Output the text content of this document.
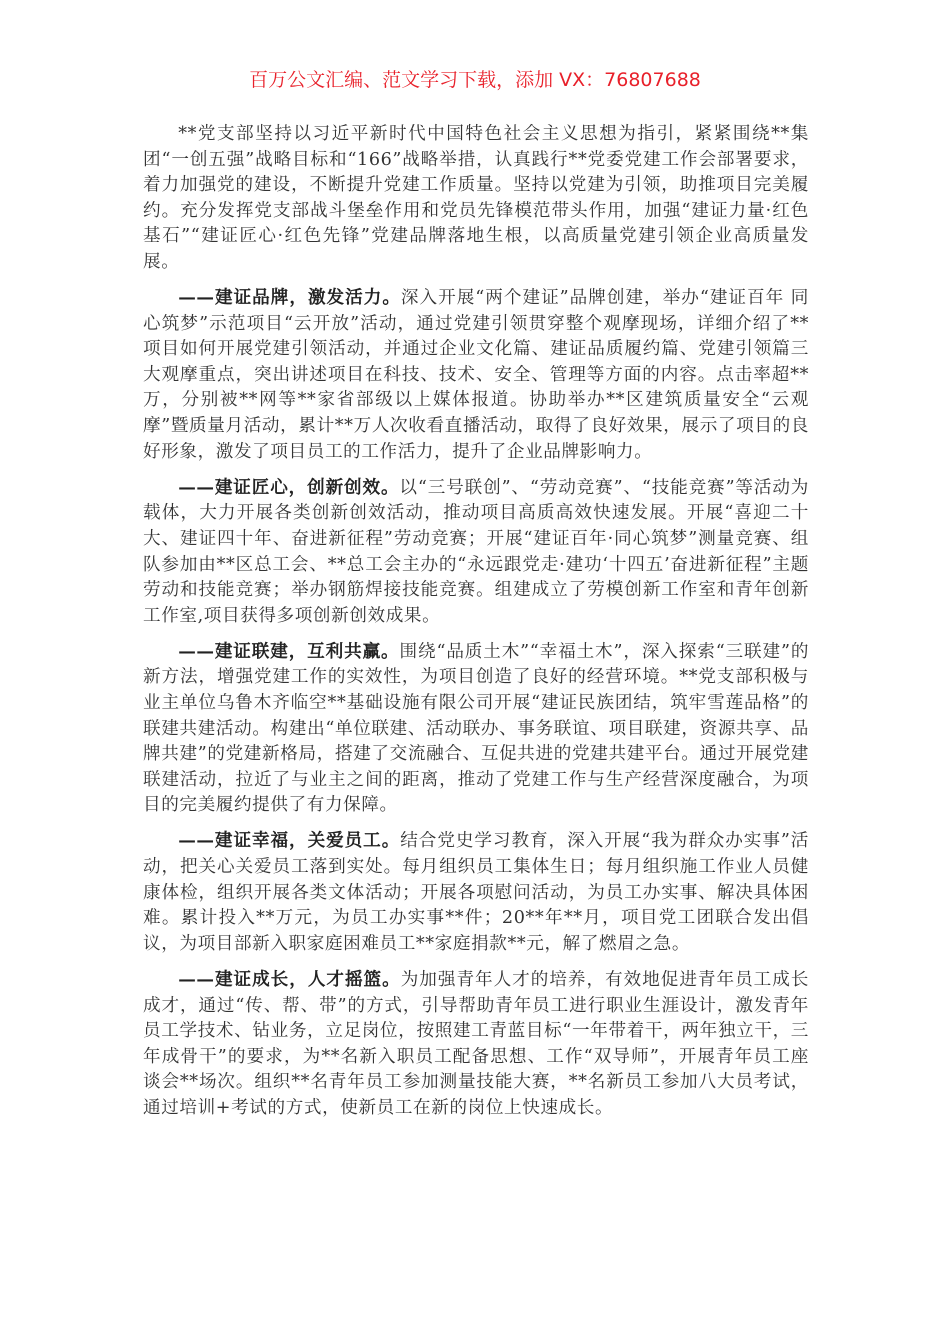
百万公文汇编、范文学习下载，添加 VX：76807688

**党支部坚持以习近平新时代中国特色社会主义思想为指引，紧紧围绕**集团“一创五强”战略目标和“166”战略举措，认真践行**党委党建工作会部署要求，着力加强党的建设，不断提升党建工作质量。坚持以党建为引领，助推项目完美履约。充分发挥党支部战斗堡垒作用和党员先锋模范带头作用，加强“建证力量·红色基石”“建证匠心·红色先锋”党建品牌落地生根，以高质量党建引领企业高质量发展。

——建证品牌，激发活力。深入开展“两个建证”品牌创建，举办“建证百年 同心筑梦”示范项目“云开放”活动，通过党建引领贯穿整个观摩现场，详细介绍了**项目如何开展党建引领活动，并通过企业文化篇、建证品质履约篇、党建引领篇三大观摩重点，突出讲述项目在科技、技术、安全、管理等方面的内容。点击率超**万，分别被**网等**家省部级以上媒体报道。协助举办**区建筑质量安全“云观摩”暨质量月活动，累计**万人次收看直播活动，取得了良好效果，展示了项目的良好形象，激发了项目员工的工作活力，提升了企业品牌影响力。

——建证匠心，创新创效。以“三号联创”、“劳动竞赛”、“技能竞赛”等活动为载体，大力开展各类创新创效活动，推动项目高质高效快速发展。开展“喜迎二十大、建证四十年、奋进新征程”劳动竞赛；开展“建证百年·同心筑梦”测量竞赛、组队参加由**区总工会、**总工会主办的“永远跟党走·建功‘十四五’奋进新征程”主题劳动和技能竞赛；举办钢筋焊接技能竞赛。组建成立了劳模创新工作室和青年创新工作室,项目获得多项创新创效成果。

——建证联建，互利共赢。围绕“品质土木”“幸福土木”，深入探索“三联建”的新方法，增强党建工作的实效性，为项目创造了良好的经营环境。**党支部积极与业主单位乌鲁木齐临空**基础设施有限公司开展“建证民族团结，筑牢雪莲品格”的联建共建活动。构建出“单位联建、活动联办、事务联谊、项目联建，资源共享、品牌共建”的党建新格局，搭建了交流融合、互促共进的党建共建平台。通过开展党建联建活动，拉近了与业主之间的距离，推动了党建工作与生产经营深度融合，为项目的完美履约提供了有力保障。

——建证幸福，关爱员工。结合党史学习教育，深入开展“我为群众办实事”活动，把关心关爱员工落到实处。每月组织员工集体生日；每月组织施工作业人员健康体检，组织开展各类文体活动；开展各项慰问活动，为员工办实事、解决具体困难。累计投入**万元，为员工办实事**件；20**年**月，项目党工团联合发出倡议，为项目部新入职家庭困难员工**家庭捐款**元，解了燃眉之急。

——建证成长，人才摇篮。为加强青年人才的培养，有效地促进青年员工成长成才，通过“传、帮、带”的方式，引导帮助青年员工进行职业生涯设计，激发青年员工学技术、钻业务，立足岗位，按照建工青蓝目标“一年带着干，两年独立干，三年成骨干”的要求，为**名新入职员工配备思想、工作“双导师”，开展青年员工座谈会**场次。组织**名青年员工参加测量技能大赛，**名新员工参加八大员考试，通过培训+考试的方式，使新员工在新的岗位上快速成长。
